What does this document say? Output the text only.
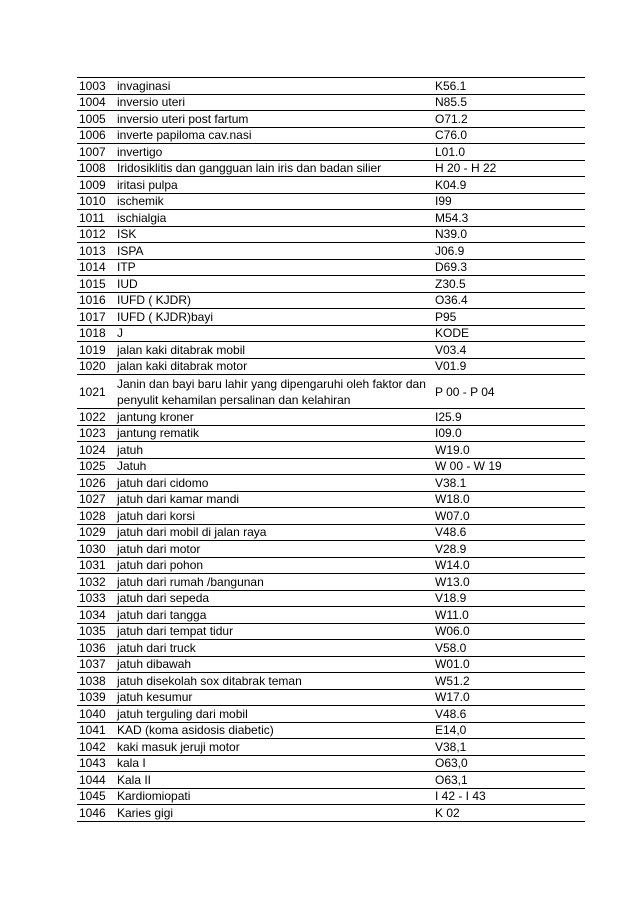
1003	invaginasi	K56.1
1004	inversio uteri	N85.5
1005	inversio uteri post fartum	O71.2
1006	inverte papiloma cav.nasi	C76.0
1007	invertigo	L01.0
1008	Iridosiklitis dan gangguan lain iris dan badan silier	H 20 - H 22
1009	iritasi pulpa	K04.9
1010	ischemik	I99
1011	ischialgia	M54.3
1012	ISK	N39.0
1013	ISPA	J06.9
1014	ITP	D69.3
1015	IUD	Z30.5
1016	IUFD ( KJDR)	O36.4
1017	IUFD ( KJDR)bayi	P95
1018	J	KODE
1019	jalan kaki ditabrak mobil	V03.4
1020	jalan kaki ditabrak motor	V01.9
1021	Janin dan bayi baru lahir yang dipengaruhi oleh faktor dan penyulit kehamilan persalinan dan kelahiran	P 00 - P 04
1022	jantung kroner	I25.9
1023	jantung rematik	I09.0
1024	jatuh	W19.0
1025	Jatuh	W 00 - W 19
1026	jatuh dari cidomo	V38.1
1027	jatuh dari kamar mandi	W18.0
1028	jatuh dari korsi	W07.0
1029	jatuh dari mobil di jalan raya	V48.6
1030	jatuh dari motor	V28.9
1031	jatuh dari pohon	W14.0
1032	jatuh dari rumah /bangunan	W13.0
1033	jatuh dari sepeda	V18.9
1034	jatuh dari tangga	W11.0
1035	jatuh dari tempat tidur	W06.0
1036	jatuh dari truck	V58.0
1037	jatuh dibawah	W01.0
1038	jatuh disekolah sox ditabrak teman	W51.2
1039	jatuh kesumur	W17.0
1040	jatuh terguling dari mobil	V48.6
1041	KAD (koma asidosis diabetic)	E14,0
1042	kaki masuk jeruji motor	V38,1
1043	kala I	O63,0
1044	Kala II	O63,1
1045	Kardiomiopati	I 42 - I 43
1046	Karies gigi	K 02
